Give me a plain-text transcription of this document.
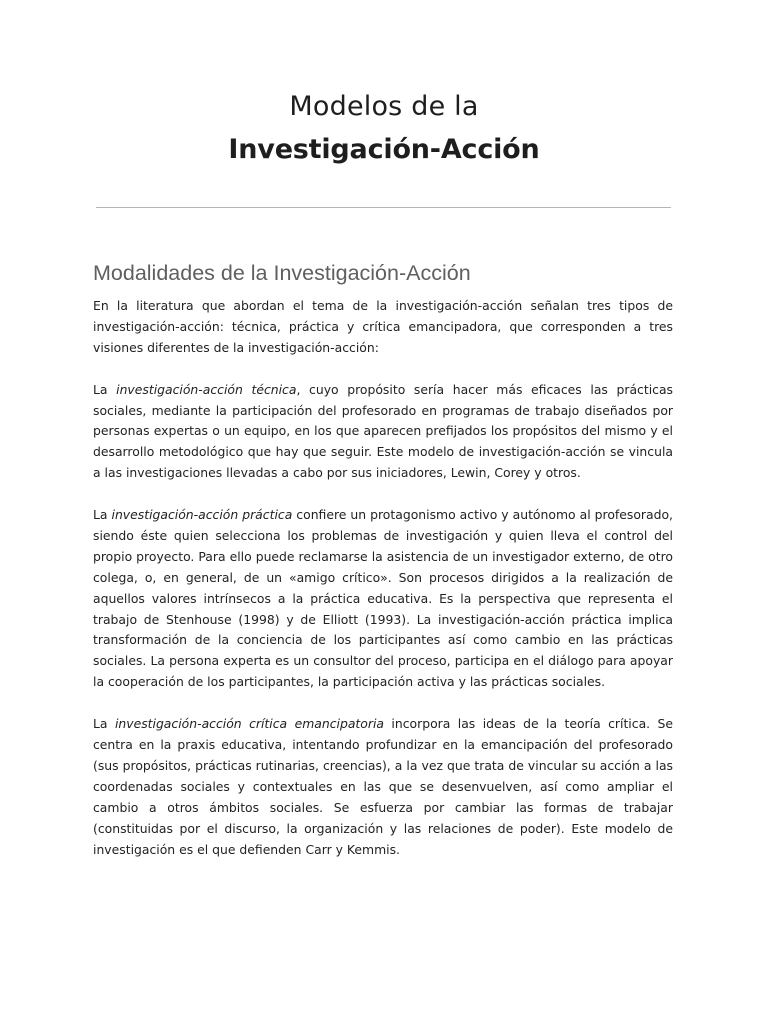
Modelos de la
Investigación-Acción
Modalidades de la Investigación-Acción

En la literatura que abordan el tema de la investigación-acción señalan tres tipos de investigación-acción: técnica, práctica y crítica emancipadora, que corresponden a tres visiones diferentes de la investigación-acción:

La investigación-acción técnica, cuyo propósito sería hacer más eficaces las prácticas sociales, mediante la participación del profesorado en programas de trabajo diseñados por personas expertas o un equipo, en los que aparecen prefijados los propósitos del mismo y el desarrollo metodológico que hay que seguir. Este modelo de investigación-acción se vincula a las investigaciones llevadas a cabo por sus iniciadores, Lewin, Corey y otros.

La investigación-acción práctica confiere un protagonismo activo y autónomo al profesorado, siendo éste quien selecciona los problemas de investigación y quien lleva el control del propio proyecto. Para ello puede reclamarse la asistencia de un investigador externo, de otro colega, o, en general, de un «amigo crítico». Son procesos dirigidos a la realización de aquellos valores intrínsecos a la práctica educativa. Es la perspectiva que representa el trabajo de Stenhouse (1998) y de Elliott (1993). La investigación-acción práctica implica transformación de la conciencia de los participantes así como cambio en las prácticas sociales. La persona experta es un consultor del proceso, participa en el diálogo para apoyar la cooperación de los participantes, la participación activa y las prácticas sociales.

La investigación-acción crítica emancipatoria incorpora las ideas de la teoría crítica. Se centra en la praxis educativa, intentando profundizar en la emancipación del profesorado (sus propósitos, prácticas rutinarias, creencias), a la vez que trata de vincular su acción a las coordenadas sociales y contextuales en las que se desenvuelven, así como ampliar el cambio a otros ámbitos sociales. Se esfuerza por cambiar las formas de trabajar (constituidas por el discurso, la organización y las relaciones de poder). Este modelo de investigación es el que defienden Carr y Kemmis.
